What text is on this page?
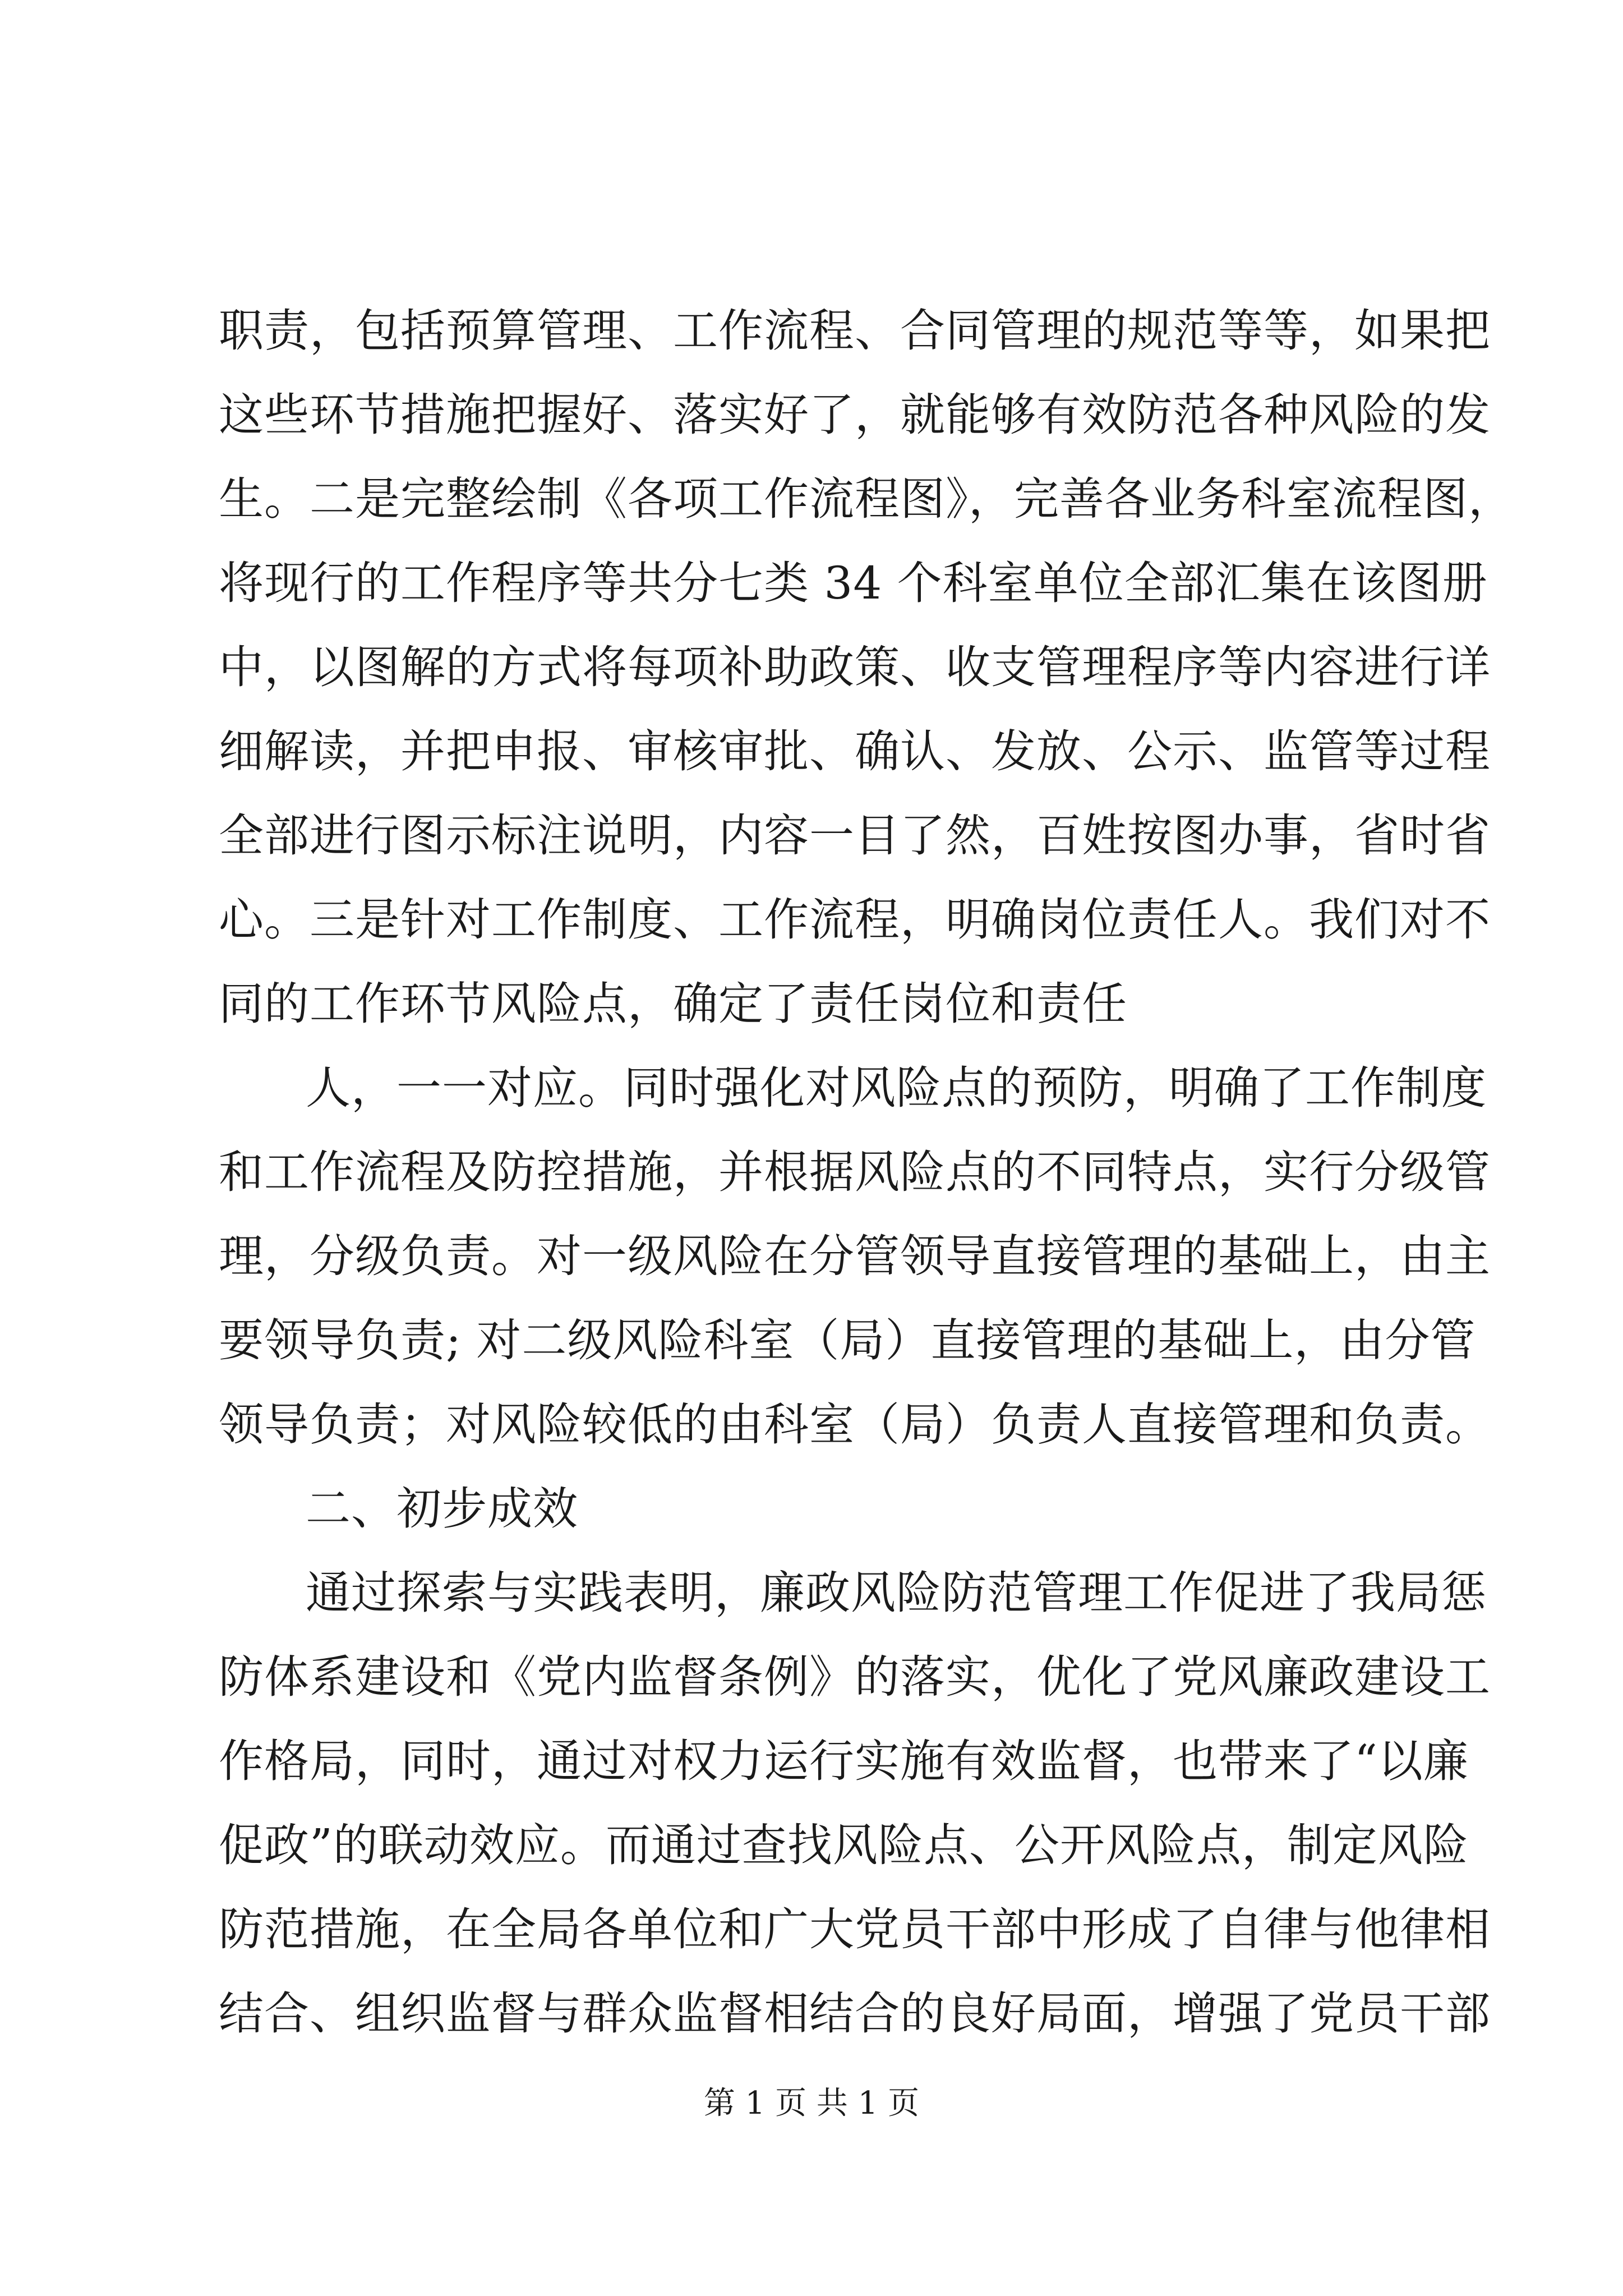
职责，包括预算管理、工作流程、合同管理的规范等等，如果把
这些环节措施把握好、落实好了，就能够有效防范各种风险的发
生。二是完整绘制《各项工作流程图》，完善各业务科室流程图，
将现行的工作程序等共分七类 34 个科室单位全部汇集在该图册
中，以图解的方式将每项补助政策、收支管理程序等内容进行详
细解读，并把申报、审核审批、确认、发放、公示、监管等过程
全部进行图示标注说明，内容一目了然，百姓按图办事，省时省
心。三是针对工作制度、工作流程，明确岗位责任人。我们对不
同的工作环节风险点，确定了责任岗位和责任
人，一一对应。同时强化对风险点的预防，明确了工作制度
和工作流程及防控措施，并根据风险点的不同特点，实行分级管
理，分级负责。对一级风险在分管领导直接管理的基础上，由主
要领导负责; 对二级风险科室（局）直接管理的基础上，由分管
领导负责；对风险较低的由科室（局）负责人直接管理和负责。
二、初步成效
通过探索与实践表明，廉政风险防范管理工作促进了我局惩
防体系建设和《党内监督条例》的落实，优化了党风廉政建设工
作格局，同时，通过对权力运行实施有效监督，也带来了“以廉
促政”的联动效应。而通过查找风险点、公开风险点，制定风险
防范措施，在全局各单位和广大党员干部中形成了自律与他律相
结合、组织监督与群众监督相结合的良好局面，增强了党员干部
第 1 页 共 1 页
